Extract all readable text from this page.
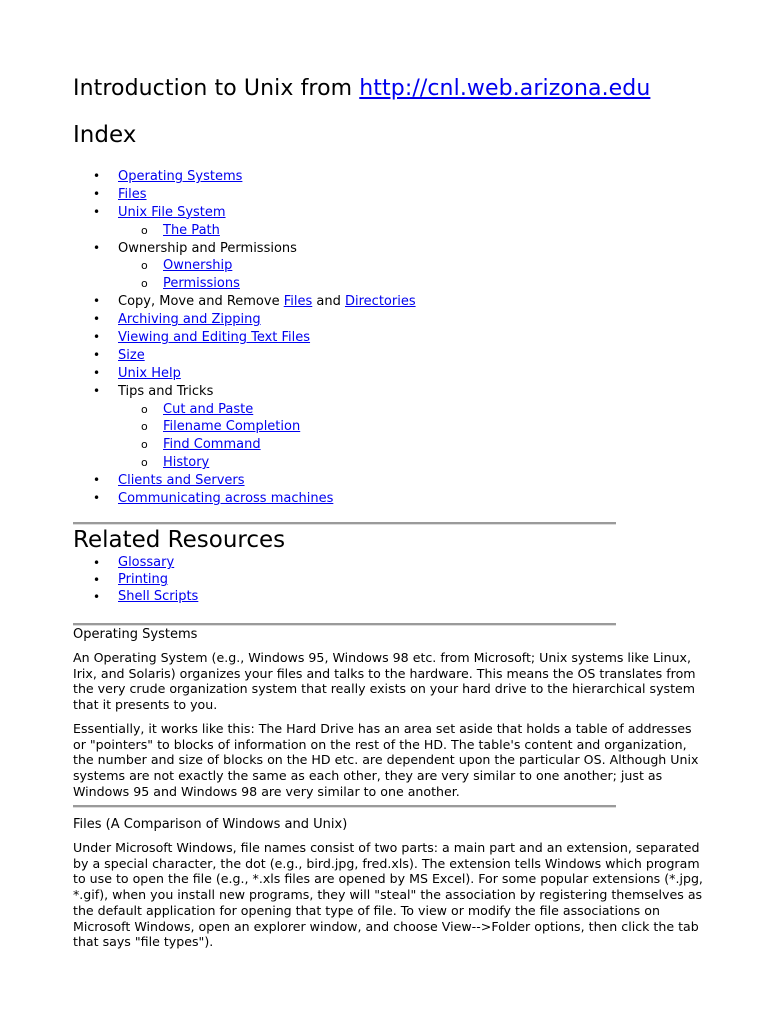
Introduction to Unix from http://cnl.web.arizona.edu
Index
• Operating Systems
• Files
• Unix File System
o The Path
• Ownership and Permissions
o Ownership
o Permissions
• Copy, Move and Remove Files and Directories
• Archiving and Zipping
• Viewing and Editing Text Files
• Size
• Unix Help
• Tips and Tricks
o Cut and Paste
o Filename Completion
o Find Command
o History
• Clients and Servers
• Communicating across machines
Related Resources
• Glossary
• Printing
• Shell Scripts
Operating Systems

An Operating System (e.g., Windows 95, Windows 98 etc. from Microsoft; Unix systems like Linux, Irix, and Solaris) organizes your files and talks to the hardware. This means the OS translates from the very crude organization system that really exists on your hard drive to the hierarchical system that it presents to you.

Essentially, it works like this: The Hard Drive has an area set aside that holds a table of addresses or "pointers" to blocks of information on the rest of the HD. The table's content and organization, the number and size of blocks on the HD etc. are dependent upon the particular OS. Although Unix systems are not exactly the same as each other, they are very similar to one another; just as Windows 95 and Windows 98 are very similar to one another.

Files (A Comparison of Windows and Unix)

Under Microsoft Windows, file names consist of two parts: a main part and an extension, separated by a special character, the dot (e.g., bird.jpg, fred.xls). The extension tells Windows which program to use to open the file (e.g., *.xls files are opened by MS Excel). For some popular extensions (*.jpg, *.gif), when you install new programs, they will "steal" the association by registering themselves as the default application for opening that type of file. To view or modify the file associations on Microsoft Windows, open an explorer window, and choose View-->Folder options, then click the tab that says "file types").
